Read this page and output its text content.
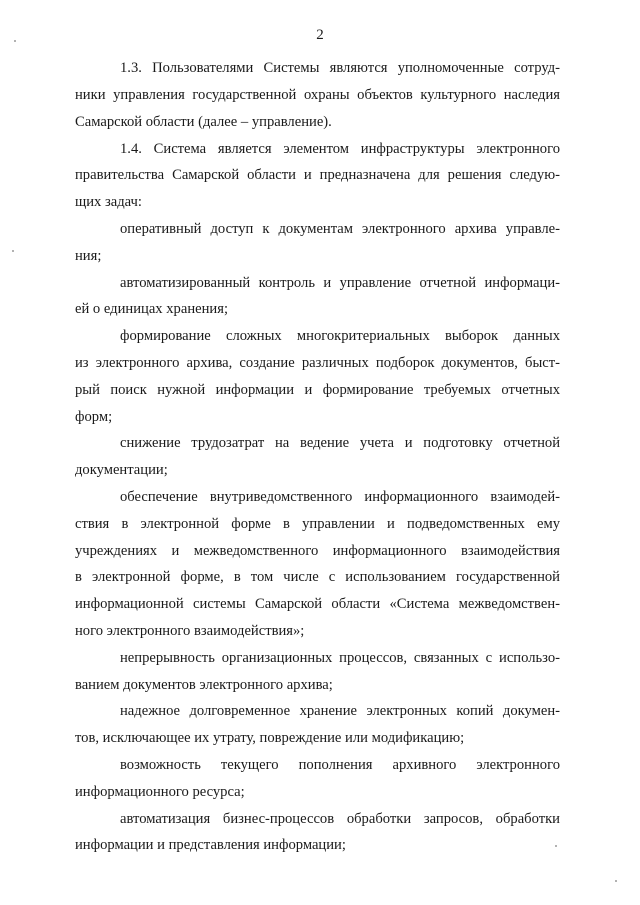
2
1.3. Пользователями Системы являются уполномоченные сотруд-
ники управления государственной охраны объектов культурного наследия
Самарской области (далее – управление).
1.4. Система является элементом инфраструктуры электронного
правительства Самарской области и предназначена для решения следую-
щих задач:
оперативный доступ к документам электронного архива управле-
ния;
автоматизированный контроль и управление отчетной информаци-
ей о единицах хранения;
формирование сложных многокритериальных выборок данных
из электронного архива, создание различных подборок документов, быст-
рый поиск нужной информации и формирование требуемых отчетных
форм;
снижение трудозатрат на ведение учета и подготовку отчетной
документации;
обеспечение внутриведомственного информационного взаимодей-
ствия в электронной форме в управлении и подведомственных ему
учреждениях и межведомственного информационного взаимодействия
в электронной форме, в том числе с использованием государственной
информационной системы Самарской области «Система межведомствен-
ного электронного взаимодействия»;
непрерывность организационных процессов, связанных с использо-
ванием документов электронного архива;
надежное долговременное хранение электронных копий докумен-
тов, исключающее их утрату, повреждение или модификацию;
возможность текущего пополнения архивного электронного
информационного ресурса;
автоматизация бизнес-процессов обработки запросов, обработки
информации и представления информации;
